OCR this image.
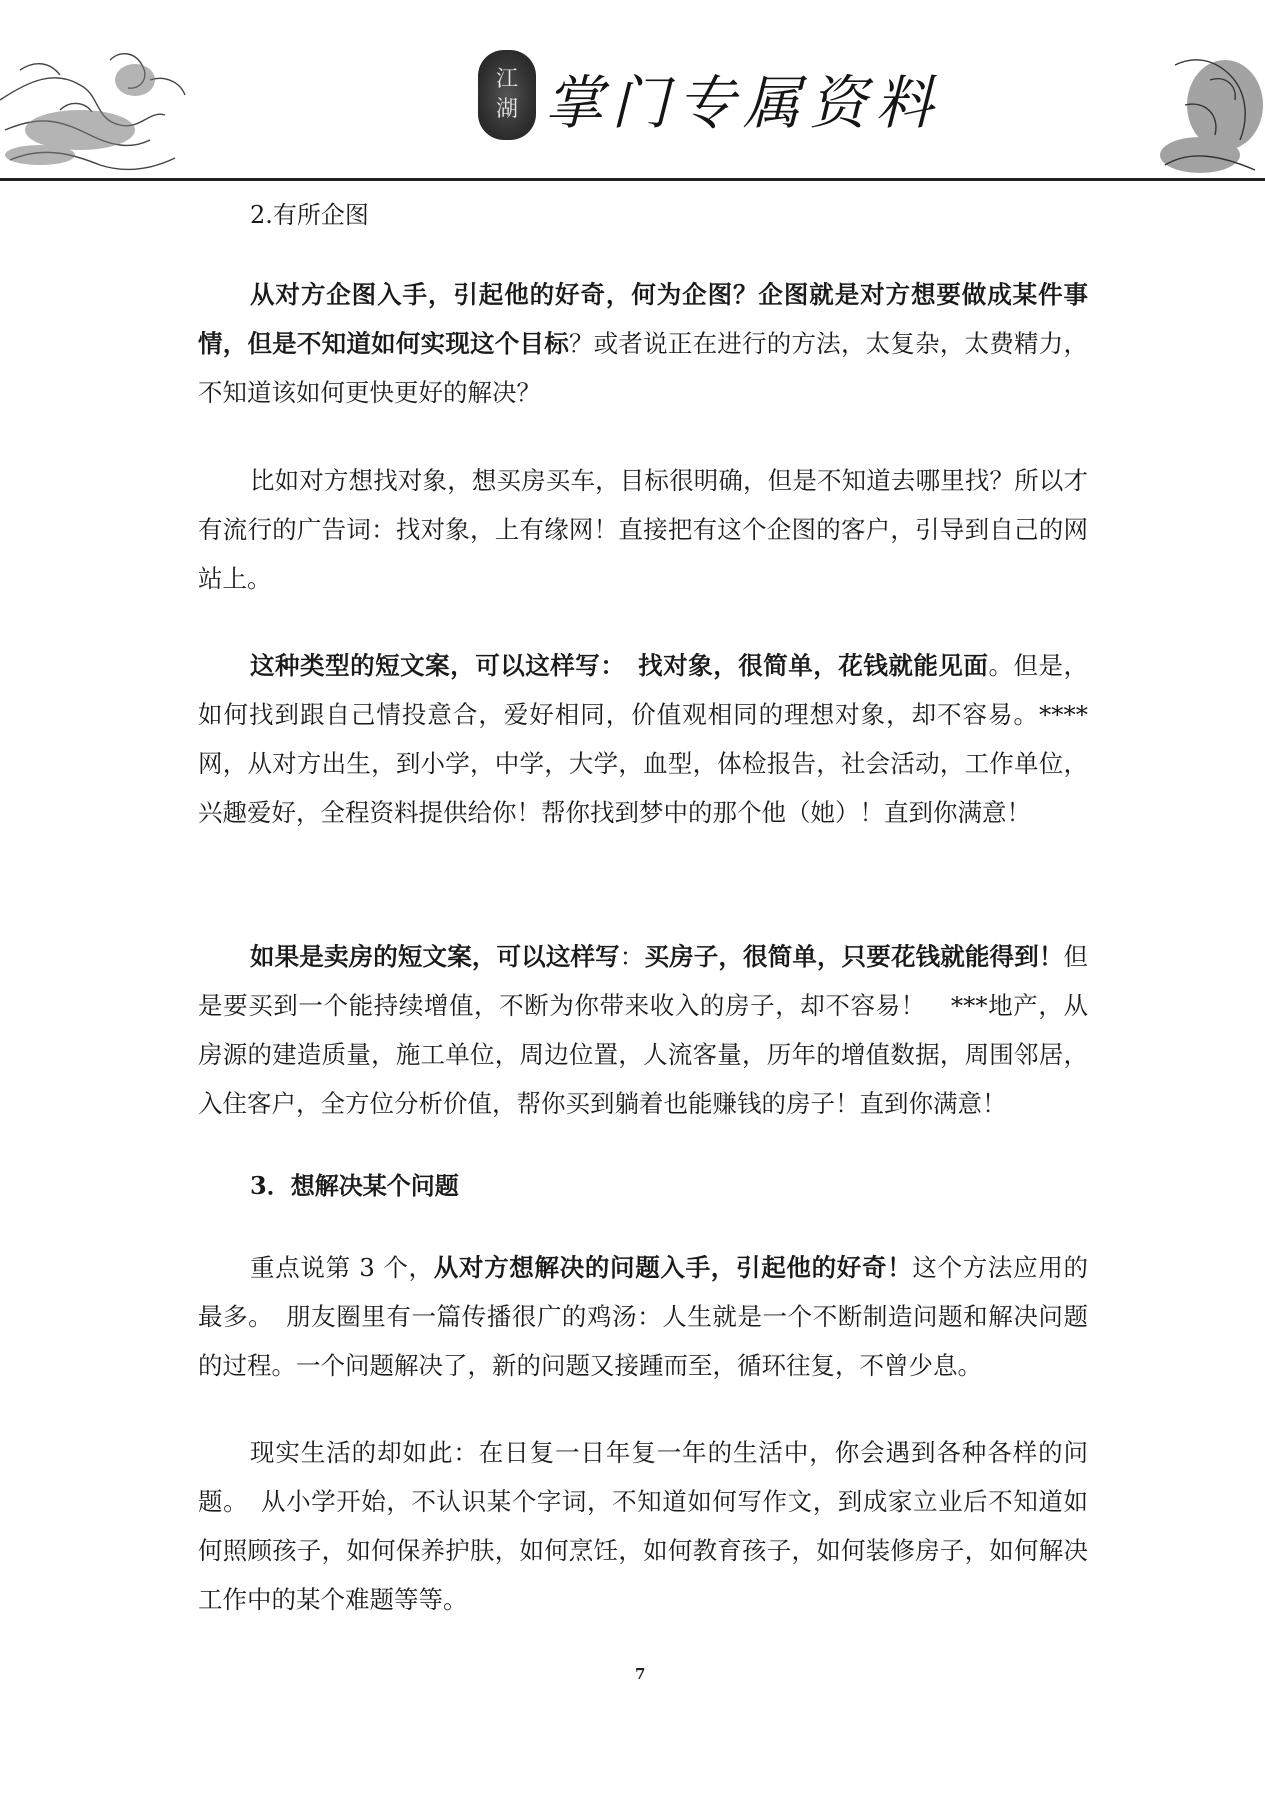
江
湖 掌门专属资料
2.有所企图

从对方企图入手，引起他的好奇，何为企图？企图就是对方想要做成某件事情，但是不知道如何实现这个目标？或者说正在进行的方法，太复杂，太费精力，不知道该如何更快更好的解决？

比如对方想找对象，想买房买车，目标很明确，但是不知道去哪里找？所以才有流行的广告词：找对象，上有缘网！直接把有这个企图的客户，引导到自己的网站上。

这种类型的短文案，可以这样写：　 找对象，很简单，花钱就能见面。但是，如何找到跟自己情投意合，爱好相同，价值观相同的理想对象，却不容易。****网，从对方出生，到小学，中学，大学，血型，体检报告，社会活动，工作单位，兴趣爱好，全程资料提供给你！帮你找到梦中的那个他（她）！直到你满意！

如果是卖房的短文案，可以这样写：买房子，很简单，只要花钱就能得到！但是要买到一个能持续增值，不断为你带来收入的房子，却不容易！　***地产，从房源的建造质量，施工单位，周边位置，人流客量，历年的增值数据，周围邻居，入住客户，全方位分析价值，帮你买到躺着也能赚钱的房子！直到你满意！

3．想解决某个问题

重点说第 3 个，从对方想解决的问题入手，引起他的好奇！这个方法应用的最多。　朋友圈里有一篇传播很广的鸡汤：人生就是一个不断制造问题和解决问题的过程。一个问题解决了，新的问题又接踵而至，循环往复，不曾少息。

现实生活的却如此：在日复一日年复一年的生活中，你会遇到各种各样的问题。　从小学开始，不认识某个字词，不知道如何写作文，到成家立业后不知道如何照顾孩子，如何保养护肤，如何烹饪，如何教育孩子，如何装修房子，如何解决工作中的某个难题等等。

7
